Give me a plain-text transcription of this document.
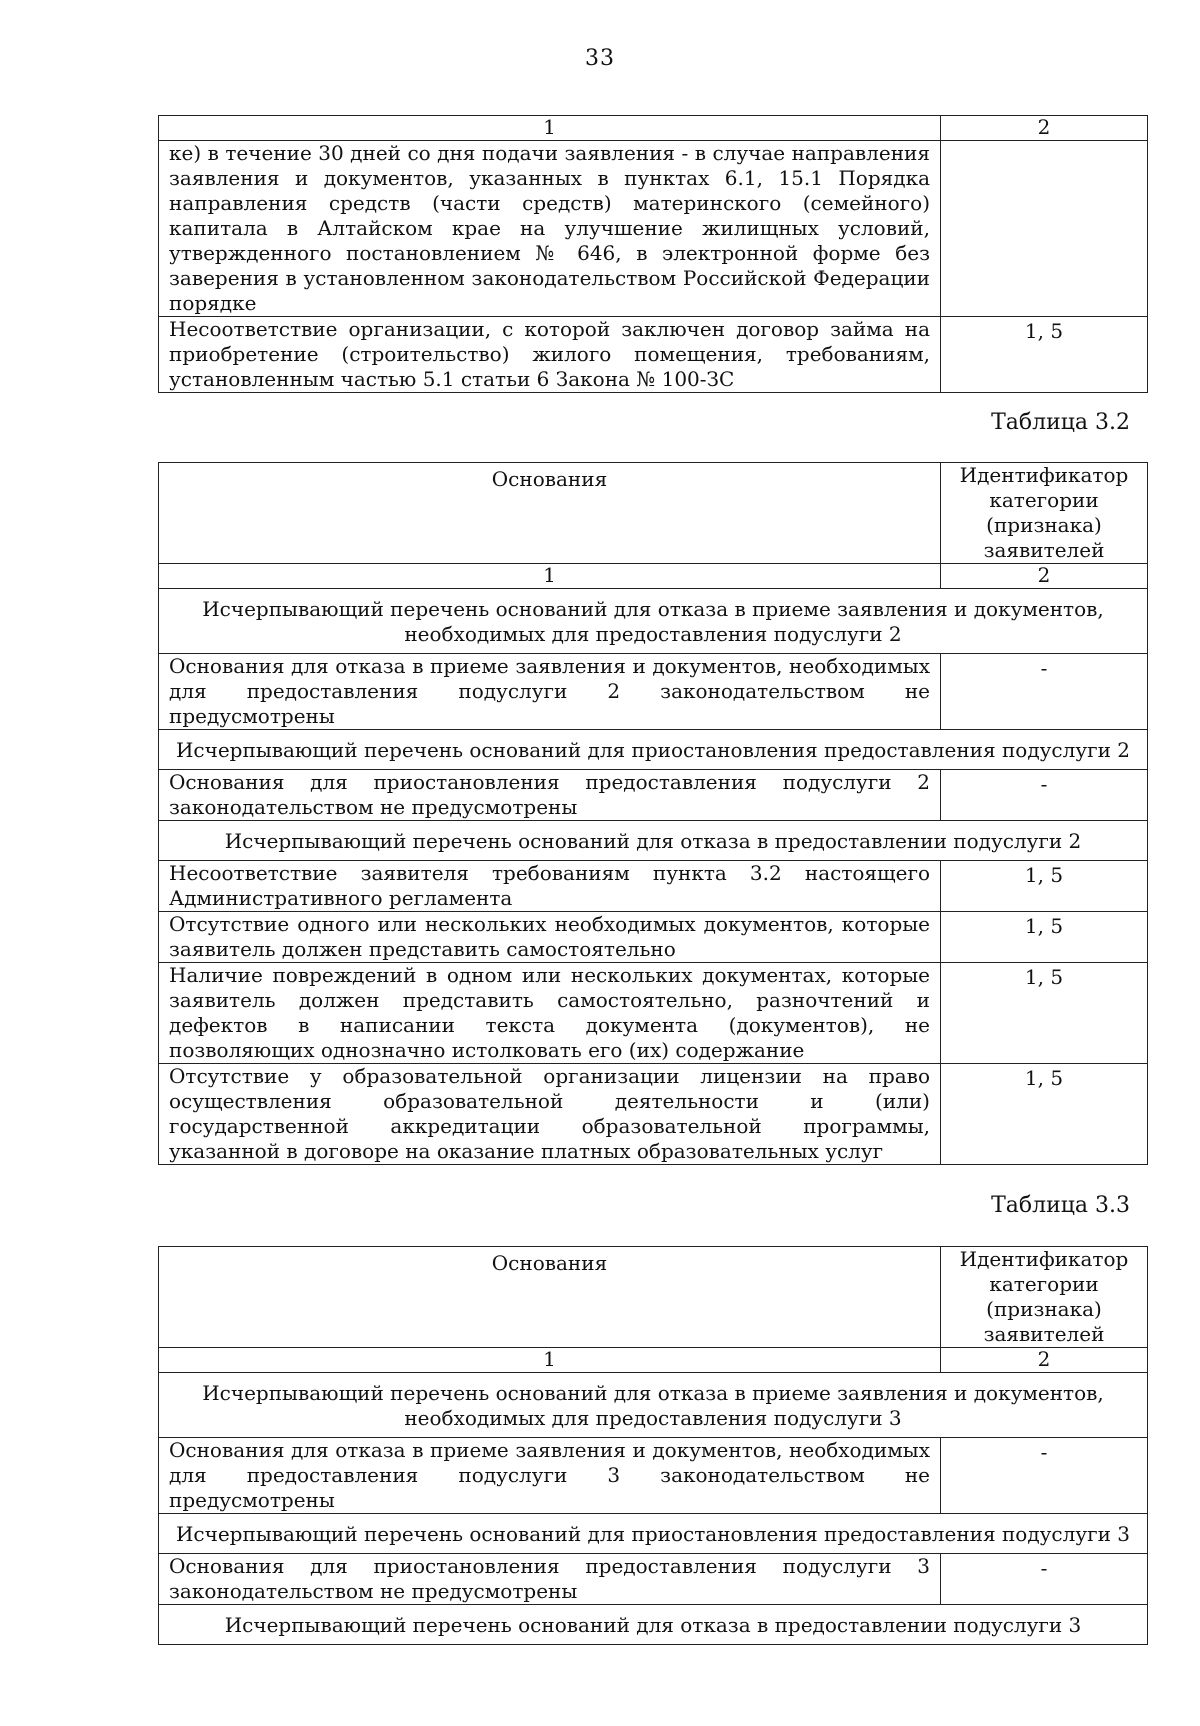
33
1	2
ке) в течение 30 дней со дня подачи заявления - в случае направления заявления и документов, указанных в пунктах 6.1, 15.1 Порядка направления средств (части средств) материнского (семейного) капитала в Алтайском крае на улучшение жилищных условий, утвержденного постановлением № 646, в электронной форме без заверения в установленном законодательством Российской Федерации порядке	
Несоответствие организации, с которой заключен договор займа на приобретение (строительство) жилого помещения, требованиям, установленным частью 5.1 статьи 6 Закона № 100-ЗС	1, 5
Таблица 3.2
Основания	Идентификатор категории (признака) заявителей
1	2
Исчерпывающий перечень оснований для отказа в приеме заявления и документов, необходимых для предоставления подуслуги 2	
Основания для отказа в приеме заявления и документов, необходимых для предоставления подуслуги 2 законодательством не предусмотрены	-
Исчерпывающий перечень оснований для приостановления предоставления подуслуги 2	
Основания для приостановления предоставления подуслуги 2 законодательством не предусмотрены	-
Исчерпывающий перечень оснований для отказа в предоставлении подуслуги 2	
Несоответствие заявителя требованиям пункта 3.2 настоящего Административного регламента	1, 5
Отсутствие одного или нескольких необходимых документов, которые заявитель должен представить самостоятельно	1, 5
Наличие повреждений в одном или нескольких документах, которые заявитель должен представить самостоятельно, разночтений и дефектов в написании текста документа (документов), не позволяющих однозначно истолковать его (их) содержание	1, 5
Отсутствие у образовательной организации лицензии на право осуществления образовательной деятельности и (или) государственной аккредитации образовательной программы, указанной в договоре на оказание платных образовательных услуг	1, 5
Таблица 3.3
Основания	Идентификатор категории (признака) заявителей
1	2
Исчерпывающий перечень оснований для отказа в приеме заявления и документов, необходимых для предоставления подуслуги 3	
Основания для отказа в приеме заявления и документов, необходимых для предоставления подуслуги 3 законодательством не предусмотрены	-
Исчерпывающий перечень оснований для приостановления предоставления подуслуги 3	
Основания для приостановления предоставления подуслуги 3 законодательством не предусмотрены	-
Исчерпывающий перечень оснований для отказа в предоставлении подуслуги 3	
